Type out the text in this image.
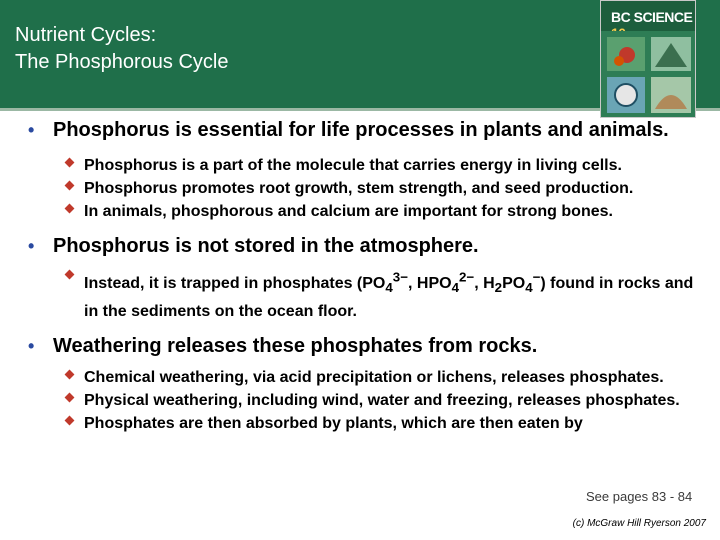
Nutrient Cycles:
The Phosphorous Cycle
BC SCIENCE
• Phosphorus is essential for life processes in plants and animals.
Phosphorus is a part of the molecule that carries energy in living cells.
Phosphorus promotes root growth, stem strength, and seed production.
In animals, phosphorous and calcium are important for strong bones.
• Phosphorus is not stored in the atmosphere.
Instead, it is trapped in phosphates ($PO_4^{3-}$, $HPO_4^{2-}$, $H_2PO_4^-$) found in rocks and in the sediments on the ocean floor.
• Weathering releases these phosphates from rocks.
Chemical weathering, via acid precipitation or lichens, releases phosphates.
Physical weathering, including wind, water and freezing, releases phosphates.
Phosphates are then absorbed by plants, which are then eaten by
See pages 83 - 84
(c) McGraw Hill Ryerson 2007
